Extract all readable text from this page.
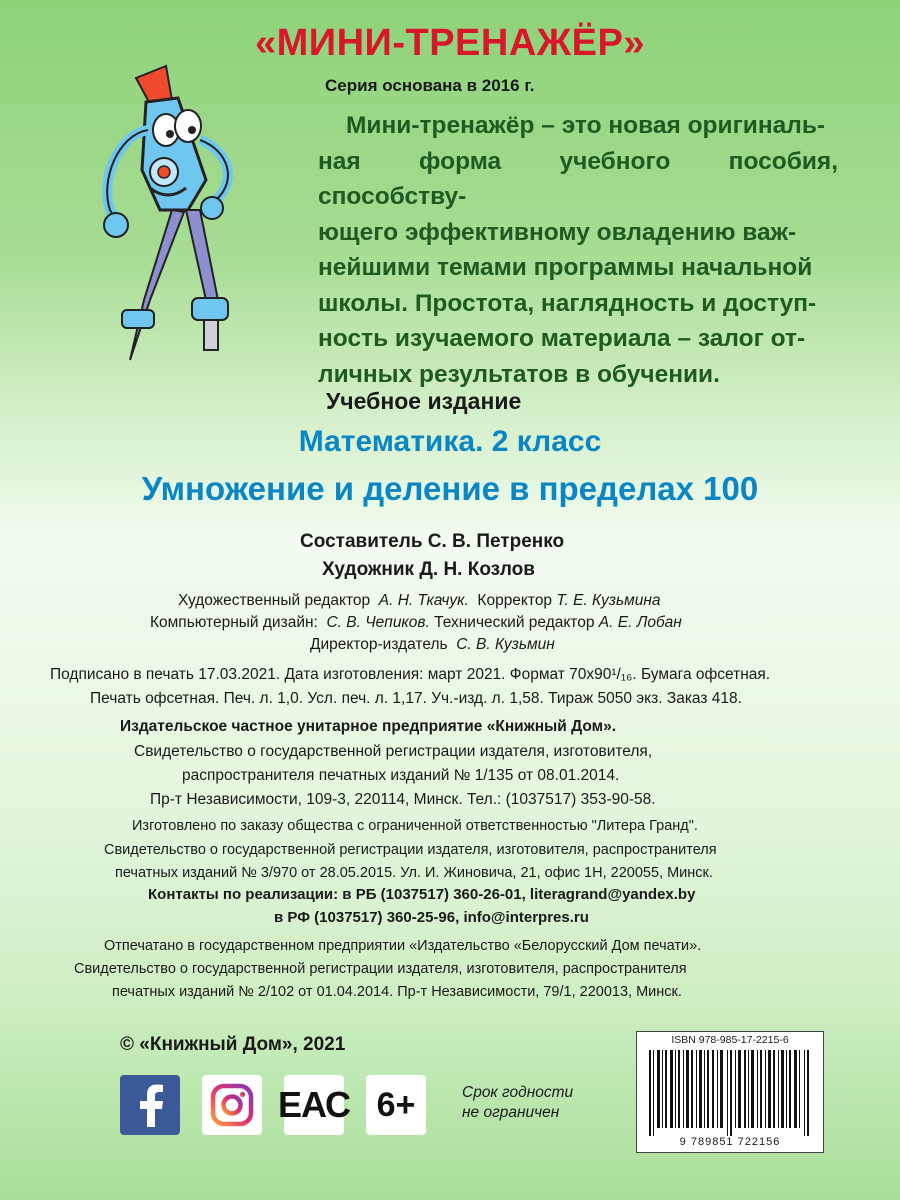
«МИНИ-ТРЕНАЖЁР»
Серия основана в 2016 г.
Мини-тренажёр – это новая оригиналь-
ная форма учебного пособия, способству-
ющего эффективному овладению важ-
нейшими темами программы начальной
школы. Простота, наглядность и доступ-
ность изучаемого материала – залог от-
личных результатов в обучении.
Учебное издание
Математика. 2 класс
Умножение и деление в пределах 100
Составитель С. В. Петренко
Художник Д. Н. Козлов
Художественный редактор А. Н. Ткачук. Корректор Т. Е. Кузьмина
Компьютерный дизайн: С. В. Чепиков. Технический редактор А. Е. Лобан
Директор-издатель С. В. Кузьмин
Подписано в печать 17.03.2021. Дата изготовления: март 2021. Формат 70х90¹/₁₆. Бумага офсетная.
Печать офсетная. Печ. л. 1,0. Усл. печ. л. 1,17. Уч.-изд. л. 1,58. Тираж 5050 экз. Заказ 418.
Издательское частное унитарное предприятие «Книжный Дом».
Свидетельство о государственной регистрации издателя, изготовителя,
распространителя печатных изданий № 1/135 от 08.01.2014.
Пр-т Независимости, 109-3, 220114, Минск. Тел.: (1037517) 353-90-58.
Изготовлено по заказу общества с ограниченной ответственностью "Литера Гранд".
Свидетельство о государственной регистрации издателя, изготовителя, распространителя
печатных изданий № 3/970 от 28.05.2015. Ул. И. Жиновича, 21, офис 1Н, 220055, Минск.
Контакты по реализации: в РБ (1037517) 360-26-01, literagrand@yandex.by
в РФ (1037517) 360-25-96, info@interpres.ru
Отпечатано в государственном предприятии «Издательство «Белорусский Дом печати».
Свидетельство о государственной регистрации издателя, изготовителя, распространителя
печатных изданий № 2/102 от 01.04.2014. Пр-т Независимости, 79/1, 220013, Минск.
© «Книжный Дом», 2021
ЕАС 6+	Срок годности
не ограничен
ISBN 978-985-17-2215-6
9 789851 722156
